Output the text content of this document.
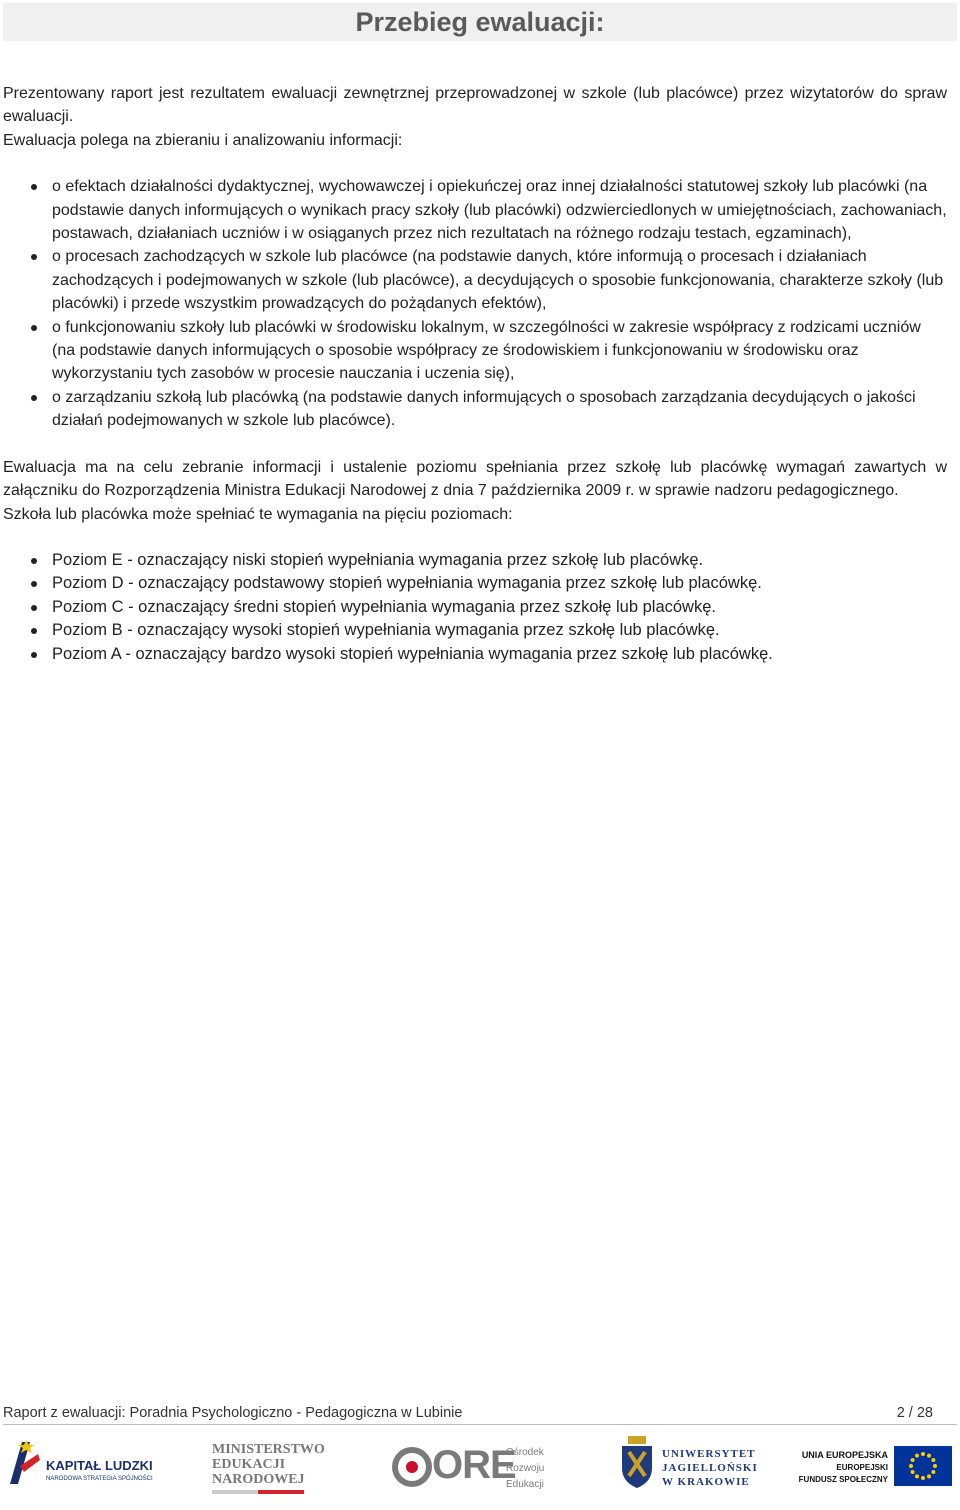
Przebieg ewaluacji:

Prezentowany raport jest rezultatem ewaluacji zewnętrznej przeprowadzonej w szkole (lub placówce) przez wizytatorów do spraw ewaluacji.

Ewaluacja polega na zbieraniu i analizowaniu informacji:

o efektach działalności dydaktycznej, wychowawczej i opiekuńczej oraz innej działalności statutowej szkoły lub placówki (na podstawie danych informujących o wynikach pracy szkoły (lub placówki) odzwierciedlonych w umiejętnościach, zachowaniach, postawach, działaniach uczniów i w osiąganych przez nich rezultatach na różnego rodzaju testach, egzaminach),
o procesach zachodzących w szkole lub placówce (na podstawie danych, które informują o procesach i działaniach zachodzących i podejmowanych w szkole (lub placówce), a decydujących o sposobie funkcjonowania, charakterze szkoły (lub placówki) i przede wszystkim prowadzących do pożądanych efektów),
o funkcjonowaniu szkoły lub placówki w środowisku lokalnym, w szczególności w zakresie współpracy z rodzicami uczniów (na podstawie danych informujących o sposobie współpracy ze środowiskiem i funkcjonowaniu w środowisku oraz wykorzystaniu tych zasobów w procesie nauczania i uczenia się),
o zarządzaniu szkołą lub placówką (na podstawie danych informujących o sposobach zarządzania decydujących o jakości działań podejmowanych w szkole lub placówce).

Ewaluacja ma na celu zebranie informacji i ustalenie poziomu spełniania przez szkołę lub placówkę wymagań zawartych w załączniku do Rozporządzenia Ministra Edukacji Narodowej z dnia 7 października 2009 r. w sprawie nadzoru pedagogicznego.

Szkoła lub placówka może spełniać te wymagania na pięciu poziomach:

Poziom E - oznaczający niski stopień wypełniania wymagania przez szkołę lub placówkę.
Poziom D - oznaczający podstawowy stopień wypełniania wymagania przez szkołę lub placówkę.
Poziom C - oznaczający średni stopień wypełniania wymagania przez szkołę lub placówkę.
Poziom B - oznaczający wysoki stopień wypełniania wymagania przez szkołę lub placówkę.
Poziom A - oznaczający bardzo wysoki stopień wypełniania wymagania przez szkołę lub placówkę.
Raport z ewaluacji: Poradnia Psychologiczno - Pedagogiczna w Lubinie	2 / 28
KAPITAŁ LUDZKI
NARODOWA STRATEGIA SPÓJNOŚCI
MINISTERSTWO
EDUKACJI
NARODOWEJ	ORE
Ośrodek
Rozwoju
Edukacji
UNIWERSYTET
JAGIELLOŃSKI
W KRAKOWIE
UNIA EUROPEJSKA
EUROPEJSKI
FUNDUSZ SPOŁECZNY
